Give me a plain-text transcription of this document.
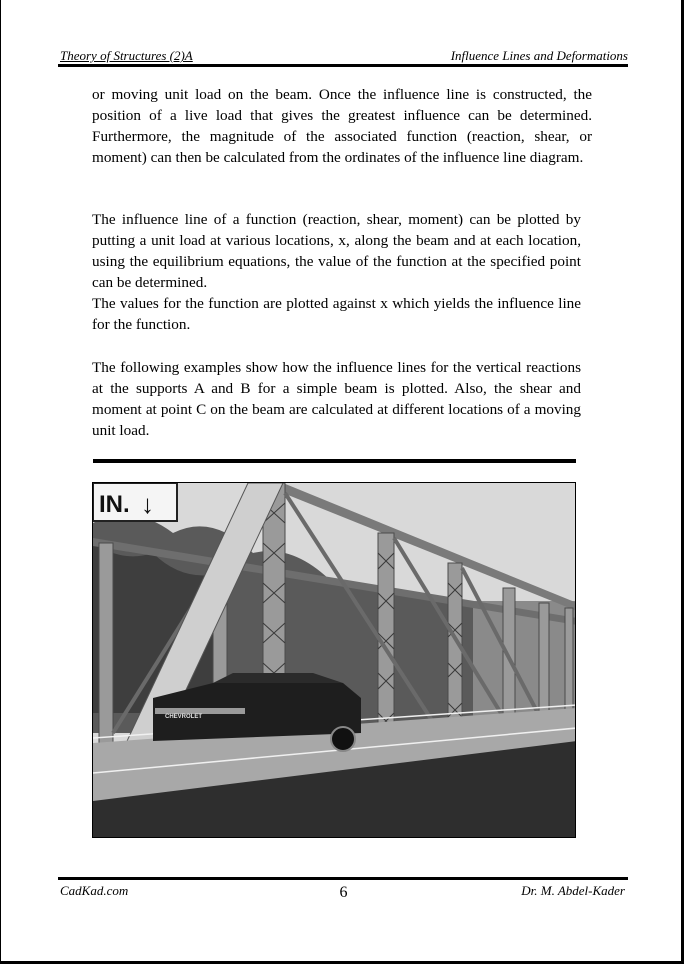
Theory of Structures (2)A	Influence Lines and Deformations
or moving unit load on the beam. Once the influence line is constructed, the position of a live load that gives the greatest influence can be determined. Furthermore, the magnitude of the associated function (reaction, shear, or moment) can then be calculated from the ordinates of the influence line diagram.
The influence line of a function (reaction, shear, moment) can be plotted by putting a unit load at various locations, x, along the beam and at each location, using the equilibrium equations, the value of the function at the specified point can be determined.
The values for the function are plotted against x which yields the influence line for the function.
The following examples show how the influence lines for the vertical reactions at the supports A and B for a simple beam is plotted. Also, the shear and moment at point C on the beam are calculated at different locations of a moving unit load.
CHEVROLET
IN. ↓
CadKad.com	6	Dr. M. Abdel-Kader
